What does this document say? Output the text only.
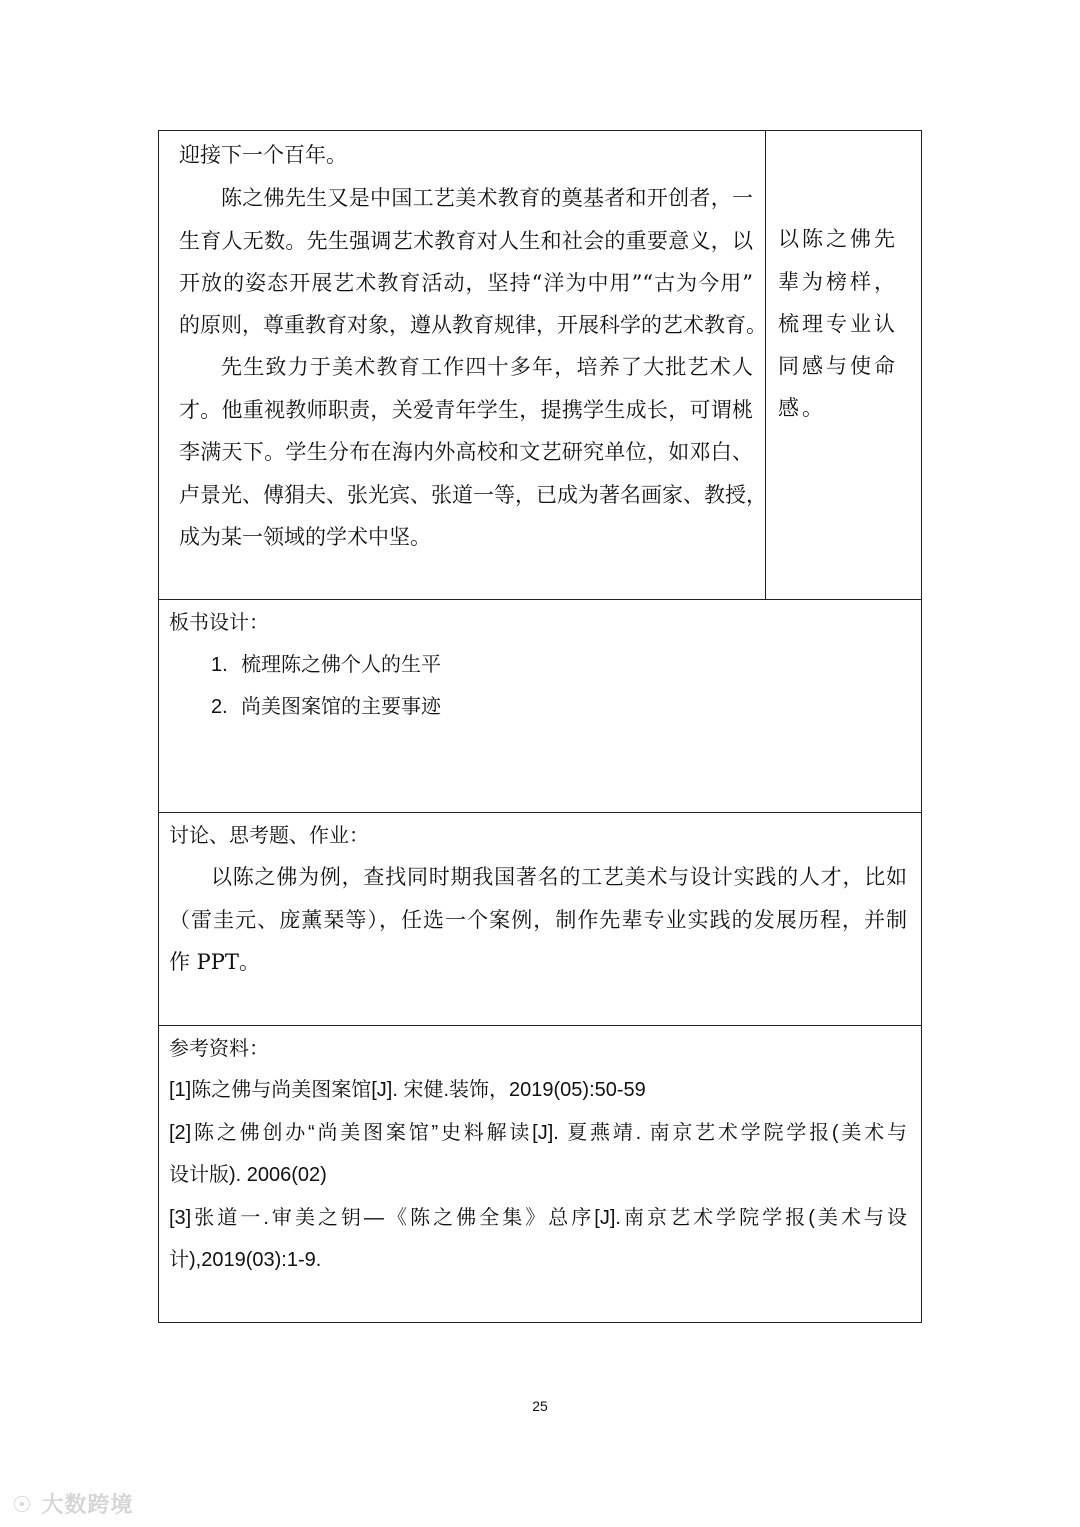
迎接下一个百年。
陈之佛先生又是中国工艺美术教育的奠基者和开创者，一
生育人无数。先生强调艺术教育对人生和社会的重要意义，以
开放的姿态开展艺术教育活动，坚持“洋为中用”“古为今用”
的原则，尊重教育对象，遵从教育规律，开展科学的艺术教育。
先生致力于美术教育工作四十多年，培养了大批艺术人
才。他重视教师职责，关爱青年学生，提携学生成长，可谓桃
李满天下。学生分布在海内外高校和文艺研究单位，如邓白、
卢景光、傅狷夫、张光宾、张道一等，已成为著名画家、教授，
成为某一领域的学术中坚。
以陈之佛先
辈为榜样，
梳理专业认
同感与使命
感。
板书设计：
1. 梳理陈之佛个人的生平
2. 尚美图案馆的主要事迹
讨论、思考题、作业：
以陈之佛为例，查找同时期我国著名的工艺美术与设计实践的人才，比如
（雷圭元、庞薰琹等），任选一个案例，制作先辈专业实践的发展历程，并制
作 PPT。
参考资料：
[1]陈之佛与尚美图案馆[J]. 宋健.装饰，2019(05):50-59
[2]陈之佛创办“尚美图案馆”史料解读[J]. 夏燕靖. 南京艺术学院学报(美术与
设计版). 2006(02)
[3]张道一.审美之钥—《陈之佛全集》总序[J].南京艺术学院学报(美术与设
计),2019(03):1-9.
25
☉ 大数跨境
